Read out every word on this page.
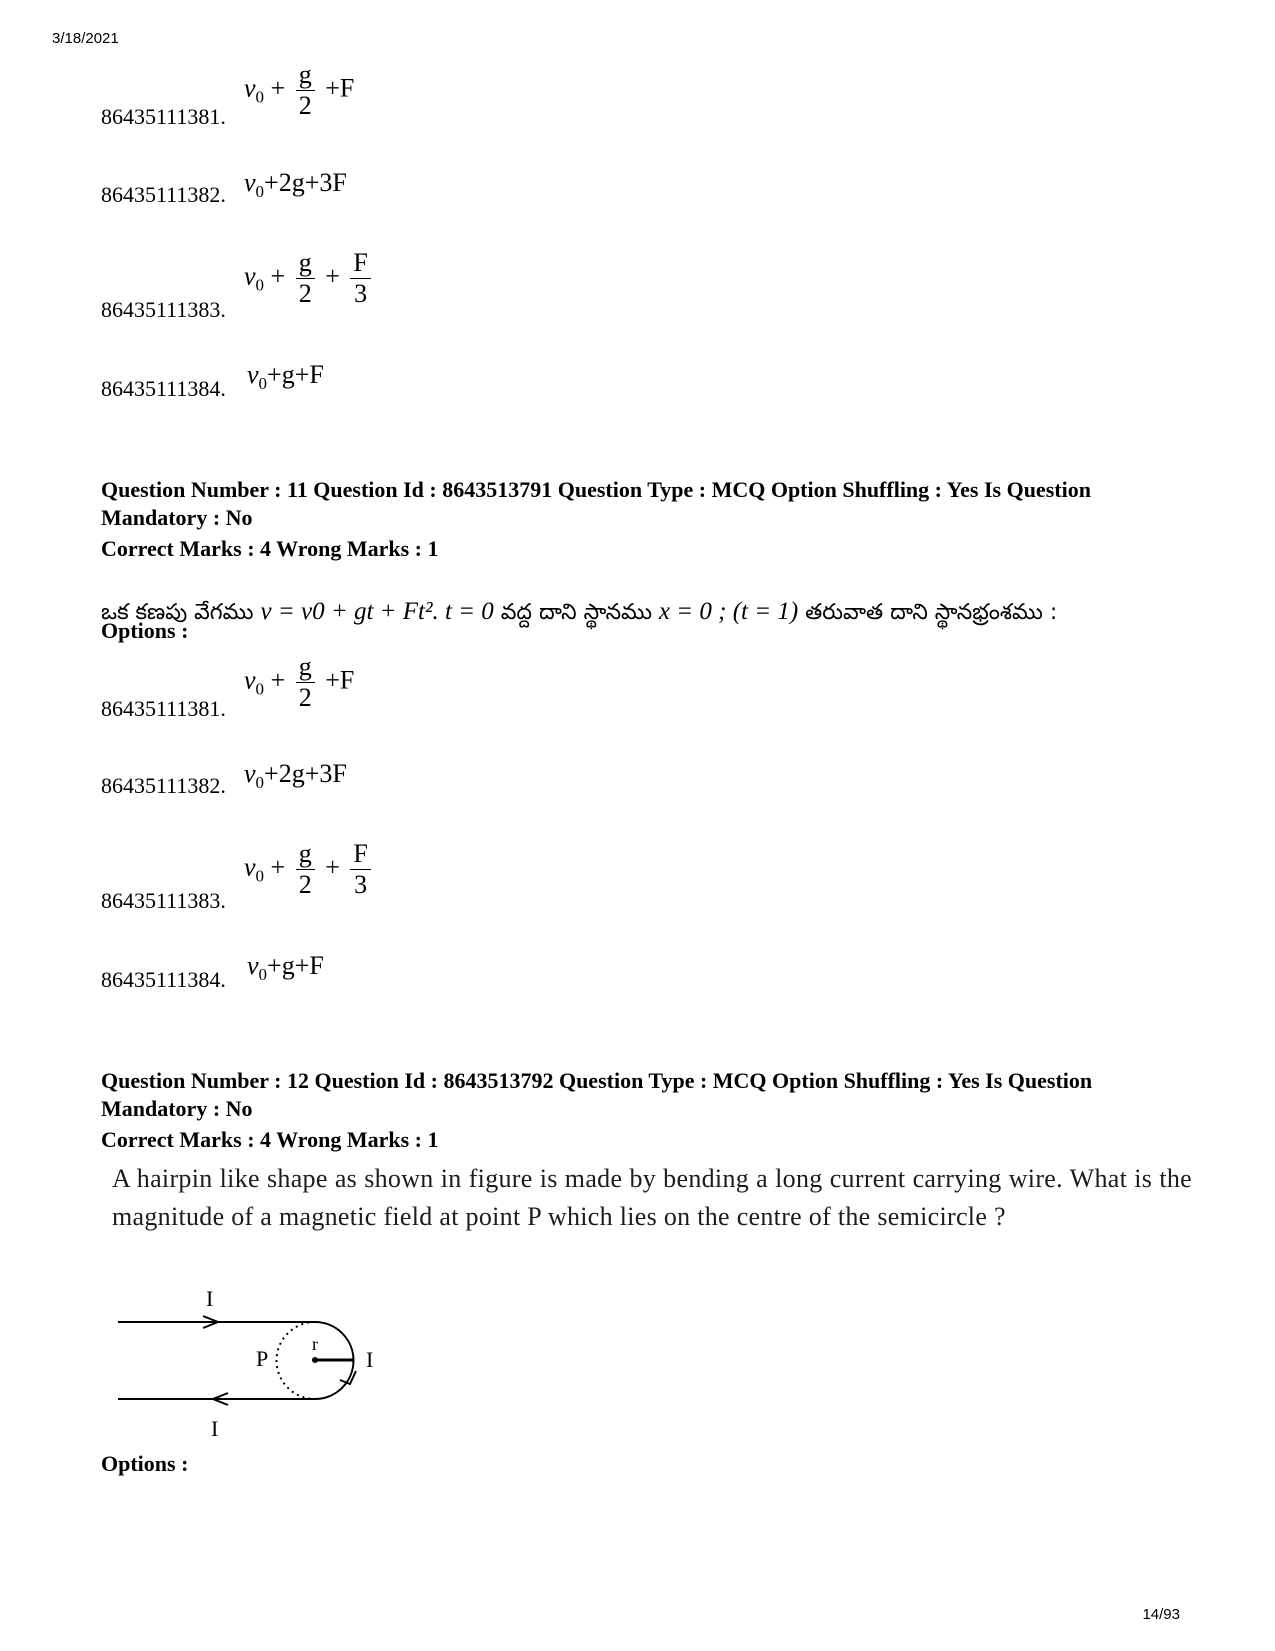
3/18/2021
14/93
86435111381.
$v_0 + \frac{g}{2} +F$
86435111382. $v_0+2g+3F$
86435111383.
$v_0 + \frac{g}{2} + \frac{F}{3}$
86435111384. $v_0+g+F$
Question Number : 11 Question Id : 8643513791 Question Type : MCQ Option Shuffling : Yes Is Question Mandatory : No
Correct Marks : 4 Wrong Marks : 1
ఒక కణపు వేగము v = v0 + gt + Ft². t = 0 వద్ద దాని స్థానము x = 0 ; (t = 1) తరువాత దాని స్థానభ్రంశము :
Options :
86435111381.
$v_0 + \frac{g}{2} +F$
86435111382. $v_0+2g+3F$
86435111383.
$v_0 + \frac{g}{2} + \frac{F}{3}$
86435111384. $v_0+g+F$
Question Number : 12 Question Id : 8643513792 Question Type : MCQ Option Shuffling : Yes Is Question Mandatory : No
Correct Marks : 4 Wrong Marks : 1
A hairpin like shape as shown in figure is made by bending a long current carrying wire. What is the magnitude of a magnetic field at point P which lies on the centre of the semicircle ?
I
I
I
P
r
Options :
